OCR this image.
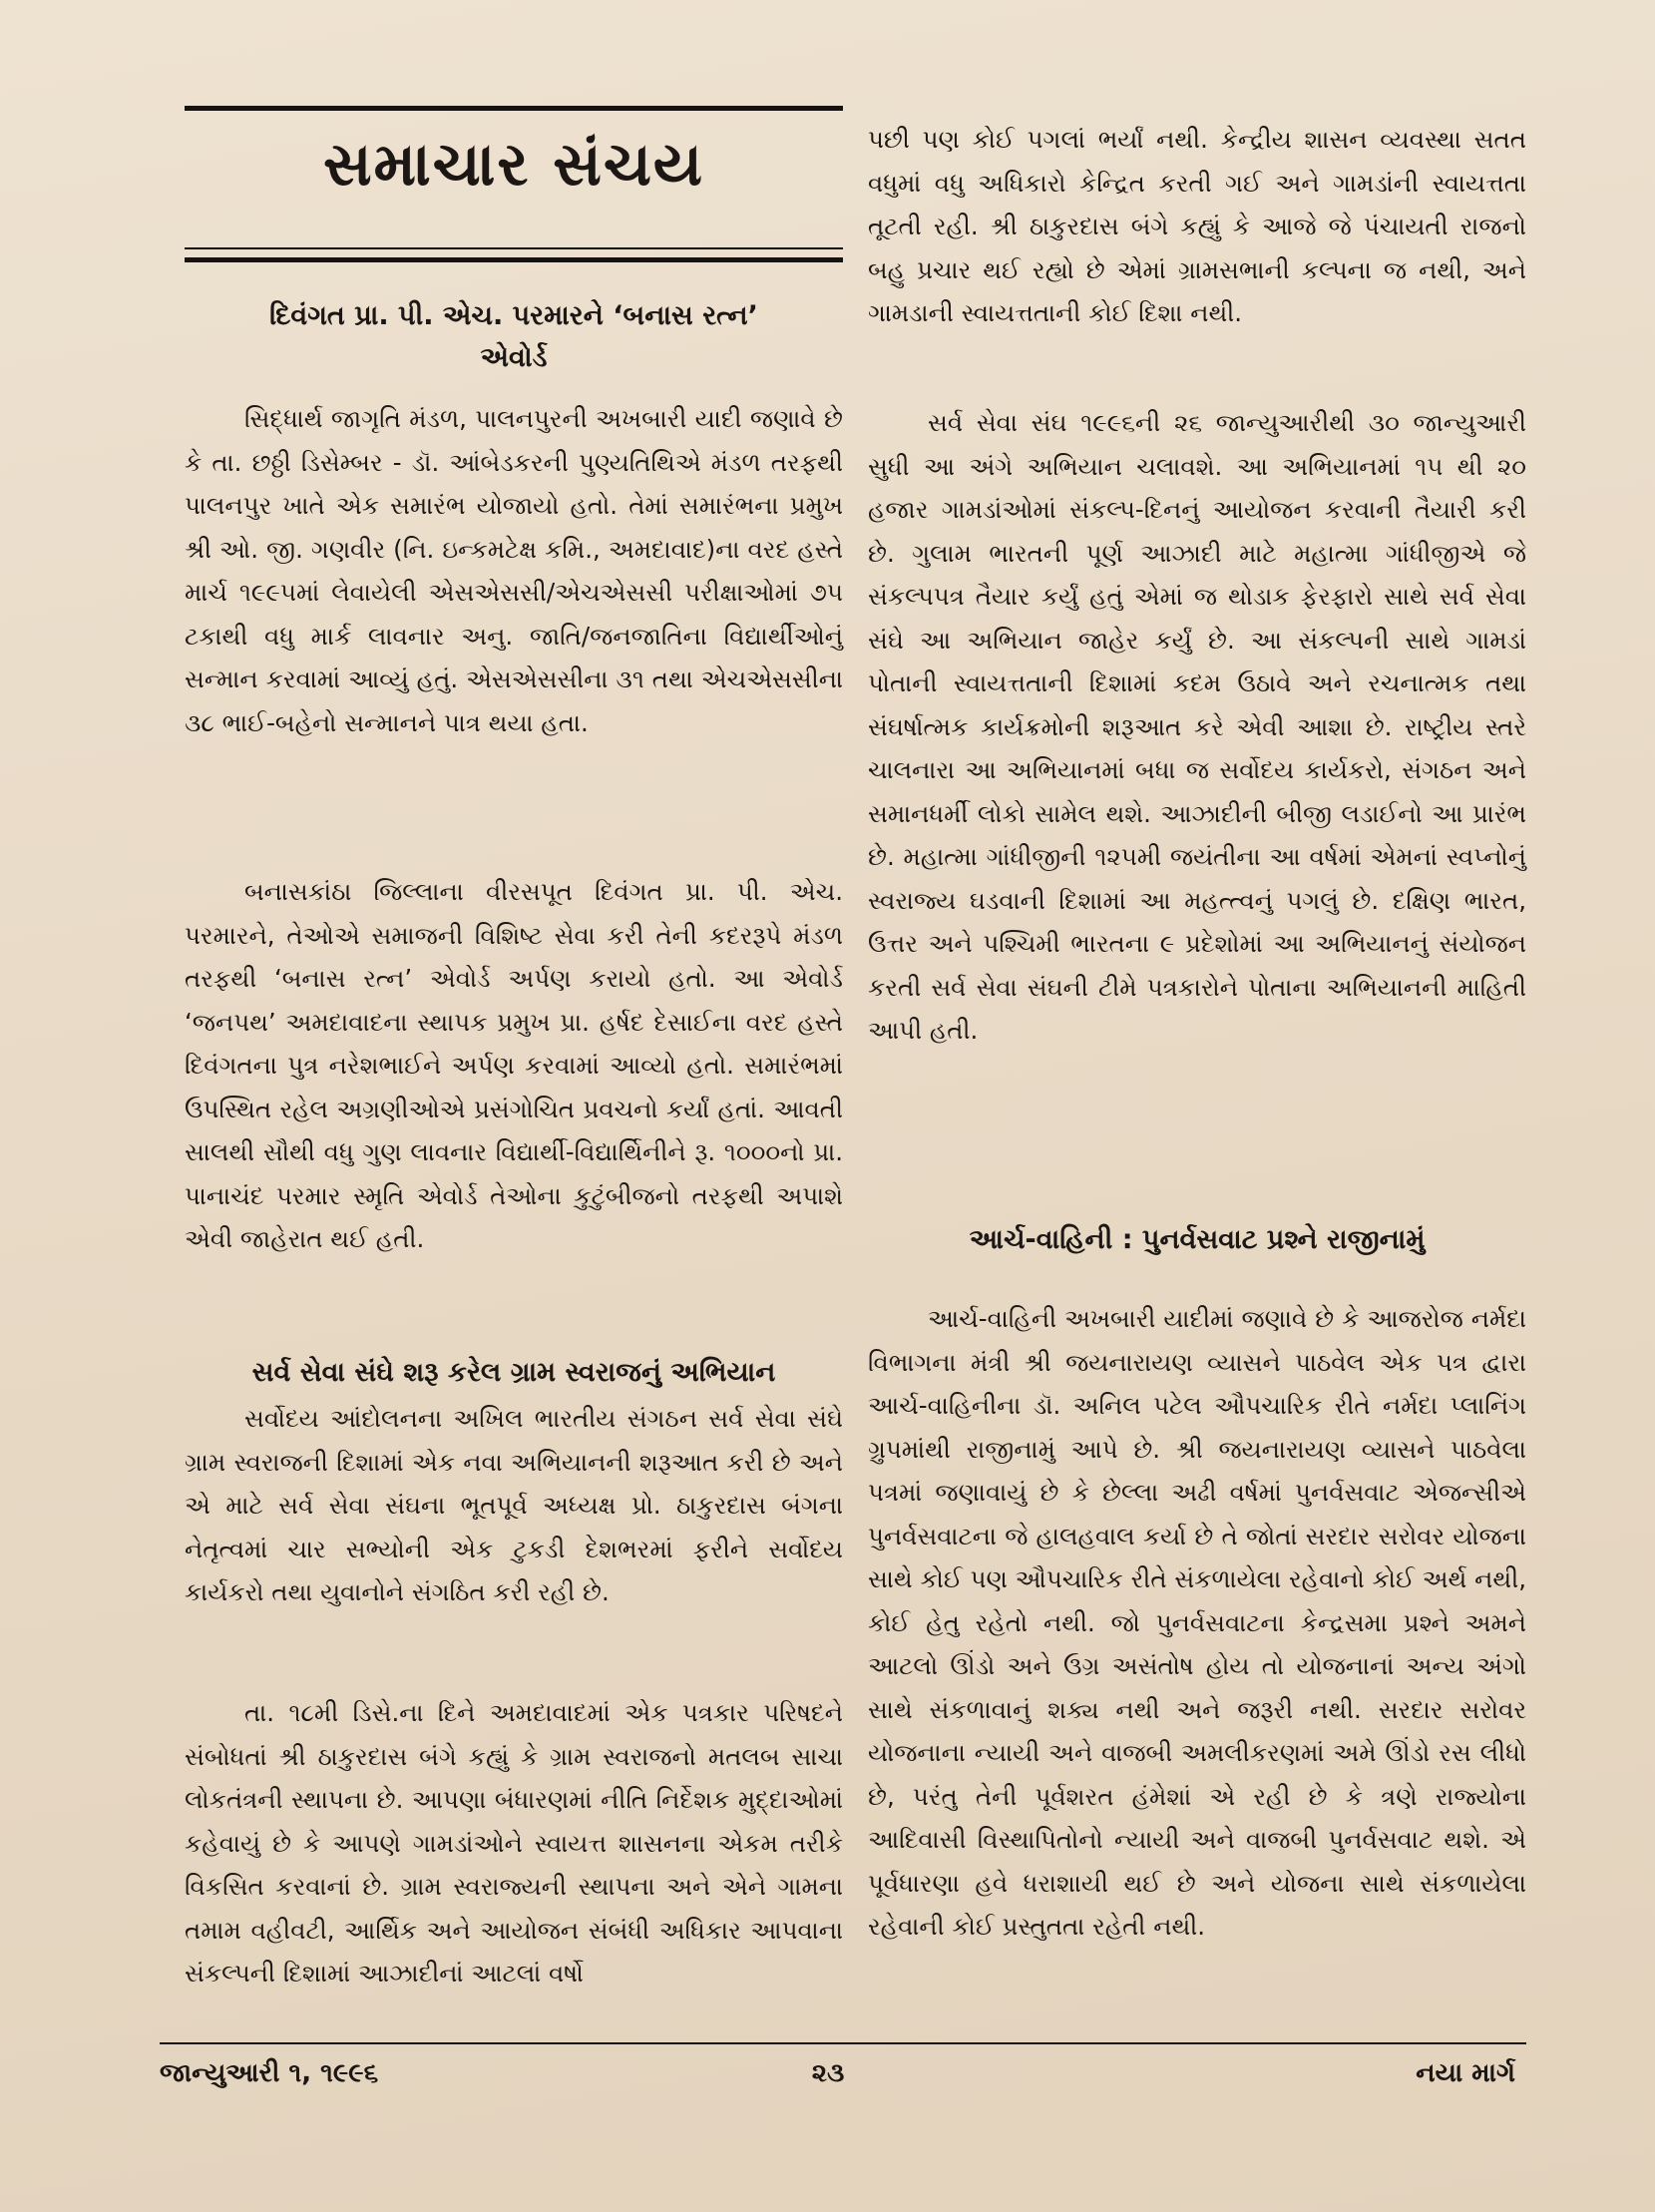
સમાચાર સંચય
દિવંગત પ્રા. પી. એચ. પરમારને ‘બનાસ રત્ન’
એવોર્ડ

સિદ્ધાર્થ જાગૃતિ મંડળ, પાલનપુરની અખબારી યાદી જણાવે છે કે તા. છઠ્ઠી ડિસેમ્બર - ડૉ. આંબેડકરની પુણ્યતિથિએ મંડળ તરફથી પાલનપુર ખાતે એક સમારંભ યોજાયો હતો. તેમાં સમારંભના પ્રમુખ શ્રી ઓ. જી. ગણવીર (નિ. ઇન્કમટેક્ષ કમિ., અમદાવાદ)ના વરદ હસ્તે માર્ચ ૧૯૯૫માં લેવાયેલી એસએસસી/એચએસસી પરીક્ષાઓમાં ૭૫ ટકાથી વધુ માર્ક લાવનાર અનુ. જાતિ/જનજાતિના વિદ્યાર્થીઓનું સન્માન કરવામાં આવ્યું હતું. એસએસસીના ૩૧ તથા એચએસસીના ૩૮ ભાઈ-બહેનો સન્માનને પાત્ર થયા હતા.

બનાસકાંઠા જિલ્લાના વીરસપૂત દિવંગત પ્રા. પી. એચ. પરમારને, તેઓએ સમાજની વિશિષ્ટ સેવા કરી તેની કદરરૂપે મંડળ તરફથી ‘બનાસ રત્ન’ એવોર્ડ અર્પણ કરાયો હતો. આ એવોર્ડ ‘જનપથ’ અમદાવાદના સ્થાપક પ્રમુખ પ્રા. હર્ષદ દેસાઈના વરદ હસ્તે દિવંગતના પુત્ર નરેશભાઈને અર્પણ કરવામાં આવ્યો હતો. સમારંભમાં ઉપસ્થિત રહેલ અગ્રણીઓએ પ્રસંગોચિત પ્રવચનો કર્યાં હતાં. આવતી સાલથી સૌથી વધુ ગુણ લાવનાર વિદ્યાર્થી-વિદ્યાર્થિનીને રૂ. ૧૦૦૦નો પ્રા. પાનાચંદ પરમાર સ્મૃતિ એવોર્ડ તેઓના કુટુંબીજનો તરફથી અપાશે એવી જાહેરાત થઈ હતી.

સર્વ સેવા સંઘે શરૂ કરેલ ગ્રામ સ્વરાજનું અભિયાન

સર્વોદય આંદોલનના અખિલ ભારતીય સંગઠન સર્વ સેવા સંઘે ગ્રામ સ્વરાજની દિશામાં એક નવા અભિયાનની શરૂઆત કરી છે અને એ માટે સર્વ સેવા સંઘના ભૂતપૂર્વ અધ્યક્ષ પ્રો. ઠાકુરદાસ બંગના નેતૃત્વમાં ચાર સભ્યોની એક ટુકડી દેશભરમાં ફરીને સર્વોદય કાર્યકરો તથા યુવાનોને સંગઠિત કરી રહી છે.

તા. ૧૮મી ડિસે.ના દિને અમદાવાદમાં એક પત્રકાર પરિષદને સંબોધતાં શ્રી ઠાકુરદાસ બંગે કહ્યું કે ગ્રામ સ્વરાજનો મતલબ સાચા લોકતંત્રની સ્થાપના છે. આપણા બંધારણમાં નીતિ નિર્દેશક મુદ્દાઓમાં કહેવાયું છે કે આપણે ગામડાંઓને સ્વાયત્ત શાસનના એકમ તરીકે વિકસિત કરવાનાં છે. ગ્રામ સ્વરાજ્યની સ્થાપના અને એને ગામના તમામ વહીવટી, આર્થિક અને આયોજન સંબંધી અધિકાર આપવાના સંકલ્પની દિશામાં આઝાદીનાં આટલાં વર્ષો

પછી પણ કોઈ પગલાં ભર્યાં નથી. કેન્દ્રીય શાસન વ્યવસ્થા સતત વધુમાં વધુ અધિકારો કેન્દ્રિત કરતી ગઈ અને ગામડાંની સ્વાયત્તતા તૂટતી રહી. શ્રી ઠાકુરદાસ બંગે કહ્યું કે આજે જે પંચાયતી રાજનો બહુ પ્રચાર થઈ રહ્યો છે એમાં ગ્રામસભાની કલ્પના જ નથી, અને ગામડાની સ્વાયત્તતાની કોઈ દિશા નથી.

સર્વ સેવા સંઘ ૧૯૯૬ની ૨૬ જાન્યુઆરીથી ૩૦ જાન્યુઆરી સુધી આ અંગે અભિયાન ચલાવશે. આ અભિયાનમાં ૧૫ થી ૨૦ હજાર ગામડાંઓમાં સંકલ્પ-દિનનું આયોજન કરવાની તૈયારી કરી છે. ગુલામ ભારતની પૂર્ણ આઝાદી માટે મહાત્મા ગાંધીજીએ જે સંકલ્પપત્ર તૈયાર કર્યું હતું એમાં જ થોડાક ફેરફારો સાથે સર્વ સેવા સંઘે આ અભિયાન જાહેર કર્યું છે. આ સંકલ્પની સાથે ગામડાં પોતાની સ્વાયત્તતાની દિશામાં કદમ ઉઠાવે અને રચનાત્મક તથા સંઘર્ષાત્મક કાર્યક્રમોની શરૂઆત કરે એવી આશા છે. રાષ્ટ્રીય સ્તરે ચાલનારા આ અભિયાનમાં બધા જ સર્વોદય કાર્યકરો, સંગઠન અને સમાનધર્મી લોકો સામેલ થશે. આઝાદીની બીજી લડાઈનો આ પ્રારંભ છે. મહાત્મા ગાંધીજીની ૧૨૫મી જયંતીના આ વર્ષમાં એમનાં સ્વપ્નોનું સ્વરાજ્ય ઘડવાની દિશામાં આ મહત્ત્વનું પગલું છે. દક્ષિણ ભારત, ઉત્તર અને પશ્ચિમી ભારતના ૯ પ્રદેશોમાં આ અભિયાનનું સંયોજન કરતી સર્વ સેવા સંઘની ટીમે પત્રકારોને પોતાના અભિયાનની માહિતી આપી હતી.

આર્ચ-વાહિની : પુનર્વસવાટ પ્રશ્ને રાજીનામું

આર્ચ-વાહિની અખબારી યાદીમાં જણાવે છે કે આજરોજ નર્મદા વિભાગના મંત્રી શ્રી જયનારાયણ વ્યાસને પાઠવેલ એક પત્ર દ્વારા આર્ચ-વાહિનીના ડૉ. અનિલ પટેલ ઔપચારિક રીતે નર્મદા પ્લાનિંગ ગ્રુપમાંથી રાજીનામું આપે છે. શ્રી જયનારાયણ વ્યાસને પાઠવેલા પત્રમાં જણાવાયું છે કે છેલ્લા અઢી વર્ષમાં પુનર્વસવાટ એજન્સીએ પુનર્વસવાટના જે હાલહવાલ કર્યા છે તે જોતાં સરદાર સરોવર યોજના સાથે કોઈ પણ ઔપચારિક રીતે સંકળાયેલા રહેવાનો કોઈ અર્થ નથી, કોઈ હેતુ રહેતો નથી. જો પુનર્વસવાટના કેન્દ્રસમા પ્રશ્ને અમને આટલો ઊંડો અને ઉગ્ર અસંતોષ હોય તો યોજનાનાં અન્ય અંગો સાથે સંકળાવાનું શક્ય નથી અને જરૂરી નથી. સરદાર સરોવર યોજનાના ન્યાયી અને વાજબી અમલીકરણમાં અમે ઊંડો રસ લીધો છે, પરંતુ તેની પૂર્વશરત હંમેશાં એ રહી છે કે ત્રણે રાજ્યોના આદિવાસી વિસ્થાપિતોનો ન્યાયી અને વાજબી પુનર્વસવાટ થશે. એ પૂર્વધારણા હવે ધરાશાયી થઈ છે અને યોજના સાથે સંકળાયેલા રહેવાની કોઈ પ્રસ્તુતતા રહેતી નથી.

જાન્યુઆરી ૧, ૧૯૯૬	૨૩	નયા માર્ગ
